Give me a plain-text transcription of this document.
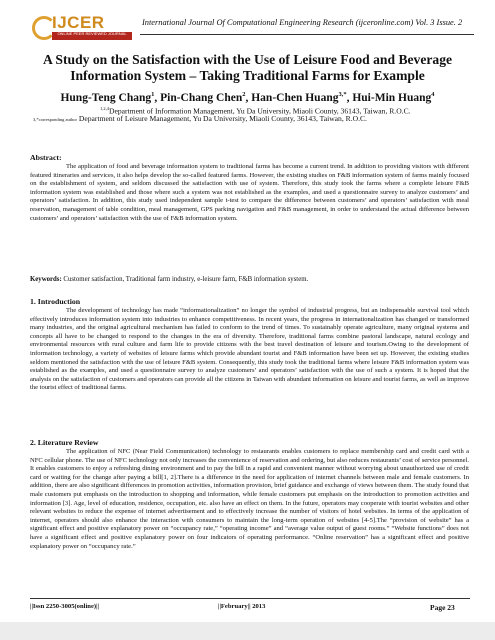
IJCER
ONLINE PEER REVIEWED JOURNAL
International Journal Of Computational Engineering Research (ijceronline.com) Vol. 3 Issue. 2
A Study on the Satisfaction with the Use of Leisure Food and Beverage Information System – Taking Traditional Farms for Example
Hung-Teng Chang$^1$, Pin-Chang Chen$^2$, Han-Chen Huang$^{3,*}$, Hui-Min Huang$^4$
$^{1,2,4}$Department of Information Management, Yu Da University, Miaoli County, 36143, Taiwan, R.O.C.
3,*corresponding author Department of Leisure Management, Yu Da University, Miaoli County, 36143, Taiwan, R.O.C.
Abstract:
The application of food and beverage information system to traditional farms has become a current trend. In addition to providing visitors with different featured itineraries and services, it also helps develop the so-called featured farms. However, the existing studies on F&B information system of farms mainly focused on the establishment of system, and seldom discussed the satisfaction with use of system. Therefore, this study took the farms where a complete leisure F&B information system was established and those where such a system was not established as the examples, and used a questionnaire survey to analyze customers’ and operators’ satisfaction. In addition, this study used independent sample t-test to compare the difference between customers’ and operators’ satisfaction with meal reservation, management of table condition, meal management, GPS parking navigation and F&B management, in order to understand the actual difference between customers’ and operators’ satisfaction with the use of F&B information system.
Keywords: Customer satisfaction, Traditional farm industry, e-leisure farm, F&B information system.
1. Introduction
The development of technology has made “informationalization” no longer the symbol of industrial progress, but an indispensable survival tool which effectively introduces information system into industries to enhance competitiveness. In recent years, the progress in internationalization has changed or transformed many industries, and the original agricultural mechanism has failed to conform to the trend of times. To sustainably operate agriculture, many original systems and concepts all have to be changed to respond to the changes in the era of diversity. Therefore, traditional farms combine pastoral landscape, natural ecology and environmental resources with rural culture and farm life to provide citizens with the best travel destination of leisure and tourism.Owing to the development of information technology, a variety of websites of leisure farms which provide abundant tourist and F&B information have been set up. However, the existing studies seldom mentioned the satisfaction with the use of leisure F&B system. Consequently, this study took the traditional farms where leisure F&B information system was established as the examples, and used a questionnaire survey to analyze customers’ and operators’ satisfaction with the use of such a system. It is hoped that the analysis on the satisfaction of customers and operators can provide all the citizens in Taiwan with abundant information on leisure and tourist farms, as well as improve the tourist effect of traditional farms.
2. Literature Review
The application of NFC (Near Field Communication) technology to restaurants enables customers to replace membership card and credit card with a NFC cellular phone. The use of NFC technology not only increases the convenience of reservation and ordering, but also reduces restaurants’ cost of service personnel. It enables customers to enjoy a refreshing dining environment and to pay the bill in a rapid and convenient manner without worrying about unauthorized use of credit card or waiting for the change after paying a bill[1, 2].There is a difference in the need for application of internet channels between male and female customers. In addition, there are also significant differences in promotion activities, information provision, brief guidance and exchange of views between them. The study found that male customers put emphasis on the introduction to shopping and information, while female customers put emphasis on the introduction to promotion activities and information [3]. Age, level of education, residence, occupation, etc. also have an effect on them. In the future, operators may cooperate with tourist websites and other relevant websites to reduce the expense of internet advertisement and to effectively increase the number of visitors of hotel websites. In terms of the application of internet, operators should also enhance the interaction with consumers to maintain the long-term operation of websites [4-5].The “provision of website” has a significant effect and positive explanatory power on “occupancy rate,” “operating income” and “average value output of guest rooms.” “Website functions” does not have a significant effect and positive explanatory power on four indicators of operating performance. “Online reservation” has a significant effect and positive explanatory power on “occupancy rate.”
||Issn 2250-3005(online)||	||February|| 2013	Page 23
